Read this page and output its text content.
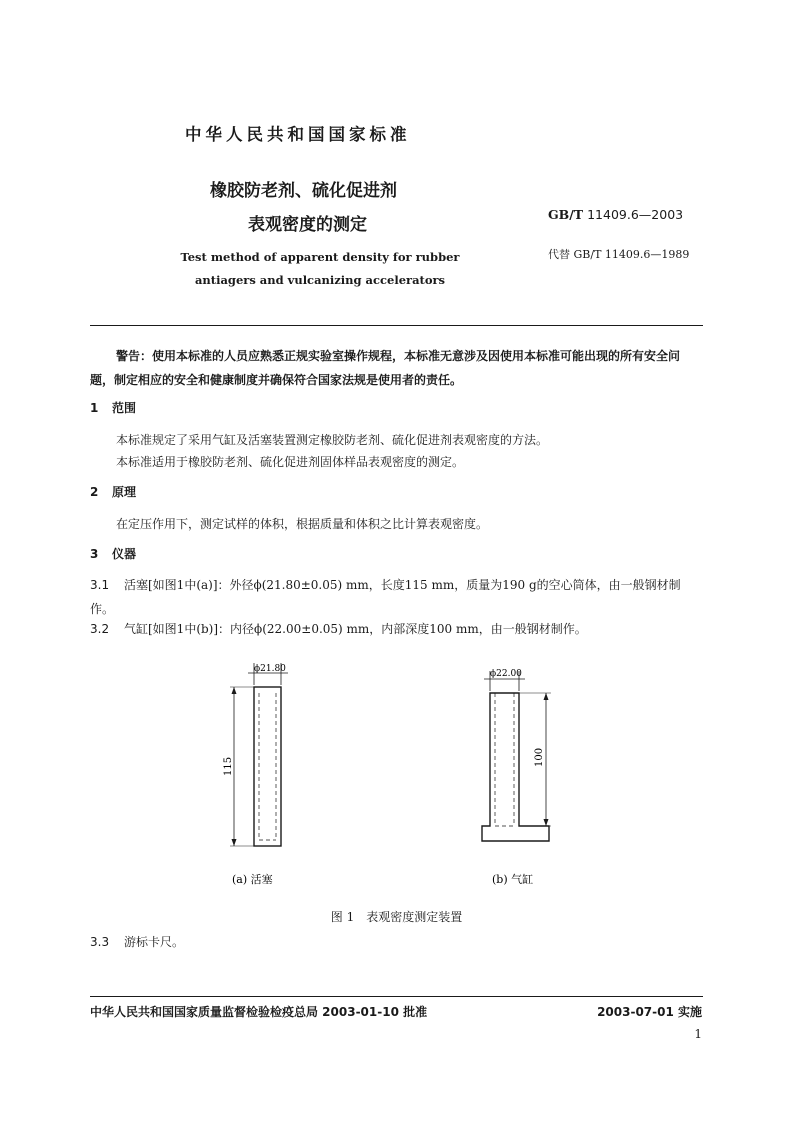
中华人民共和国国家标准
橡胶防老剂、硫化促进剂
表观密度的测定
Test method of apparent density for rubber
antiagers and vulcanizing accelerators
GB/T 11409.6—2003
代替 GB/T 11409.6—1989
警告：使用本标准的人员应熟悉正规实验室操作规程，本标准无意涉及因使用本标准可能出现的所有安全问题，制定相应的安全和健康制度并确保符合国家法规是使用者的责任。
1 范围
本标准规定了采用气缸及活塞装置测定橡胶防老剂、硫化促进剂表观密度的方法。
本标准适用于橡胶防老剂、硫化促进剂固体样品表观密度的测定。
2 原理
在定压作用下，测定试样的体积，根据质量和体积之比计算表观密度。
3 仪器
3.1 活塞[如图1中(a)]：外径ϕ(21.80±0.05) mm，长度115 mm，质量为190 g的空心筒体，由一般钢材制作。
3.2 气缸[如图1中(b)]：内径ϕ(22.00±0.05) mm，内部深度100 mm，由一般钢材制作。
ϕ21.80
115
(a) 活塞
ϕ22.00
100
(b) 气缸
图 1　表观密度测定装置
3.3 游标卡尺。
中华人民共和国国家质量监督检验检疫总局 2003-01-10 批准	2003-07-01 实施
1
